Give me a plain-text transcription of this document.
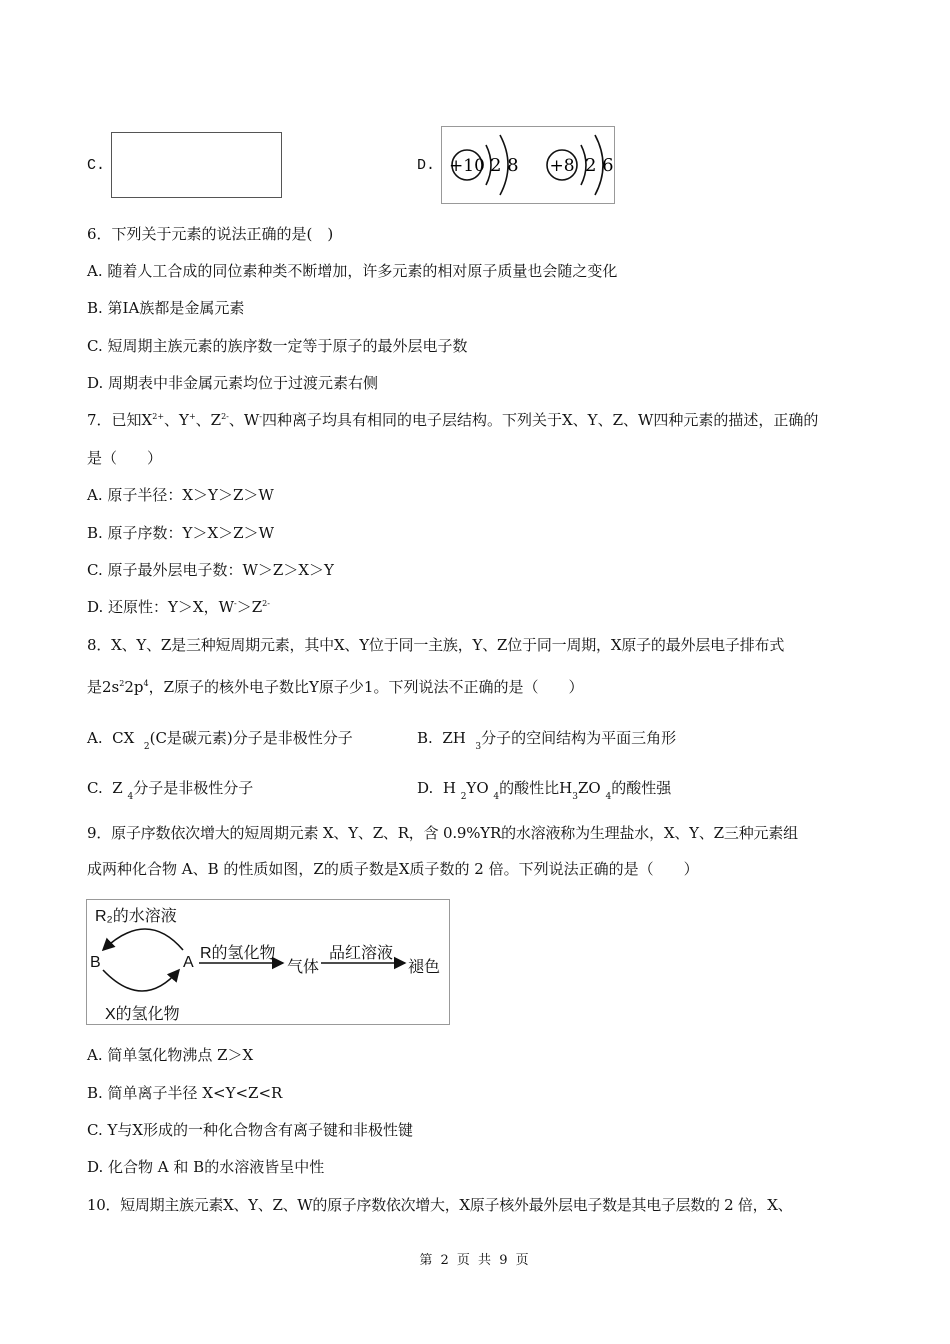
C.	D. +10 2 8 +8 2 6
6．下列关于元素的说法正确的是(　)
A. 随着人工合成的同位素种类不断增加，许多元素的相对原子质量也会随之变化
B. 第ⅠA族都是金属元素
C. 短周期主族元素的族序数一定等于原子的最外层电子数
D. 周期表中非金属元素均位于过渡元素右侧
7．已知$X^{2+}$、Y+、$Z^{2-}$、W-四种离子均具有相同的电子层结构。下列关于X、Y、Z、W四种元素的描述，正确的
是（　　）
A. 原子半径：X＞Y＞Z＞W
B. 原子序数：Y＞X＞Z＞W
C. 原子最外层电子数：W＞Z＞X＞Y
D. 还原性：Y＞X，$W^->Z^{2-}$
8．X、Y、Z是三种短周期元素，其中X、Y位于同一主族，Y、Z位于同一周期，X原子的最外层电子排布式
是$2s^22p^4$，Z原子的核外电子数比Y原子少1。下列说法不正确的是（　　）
A. CX $_2$(C是碳元素)分子是非极性分子	B. ZH $_3$分子的空间结构为平面三角形
C. Z $_4$分子是非极性分子	D. H $_2$YO $_4$的酸性比$H_3ZO$ $_4$的酸性强
9．原子序数依次增大的短周期元素 X、Y、Z、R，含 0.9%YR的水溶液称为生理盐水，X、Y、Z三种元素组
成两种化合物 A、B 的性质如图，Z的质子数是X质子数的 2 倍。下列说法正确的是（　　）
R₂的水溶液
B	A
X的氢化物
R的氢化物
气体
品红溶液
褪色
A. 简单氢化物沸点 Z＞X
B. 简单离子半径 X<Y<Z<R
C. Y与X形成的一种化合物含有离子键和非极性键
D. 化合物 A 和 B的水溶液皆呈中性
10．短周期主族元素X、Y、Z、W的原子序数依次增大，X原子核外最外层电子数是其电子层数的 2 倍，X、
第 2 页 共 9 页
